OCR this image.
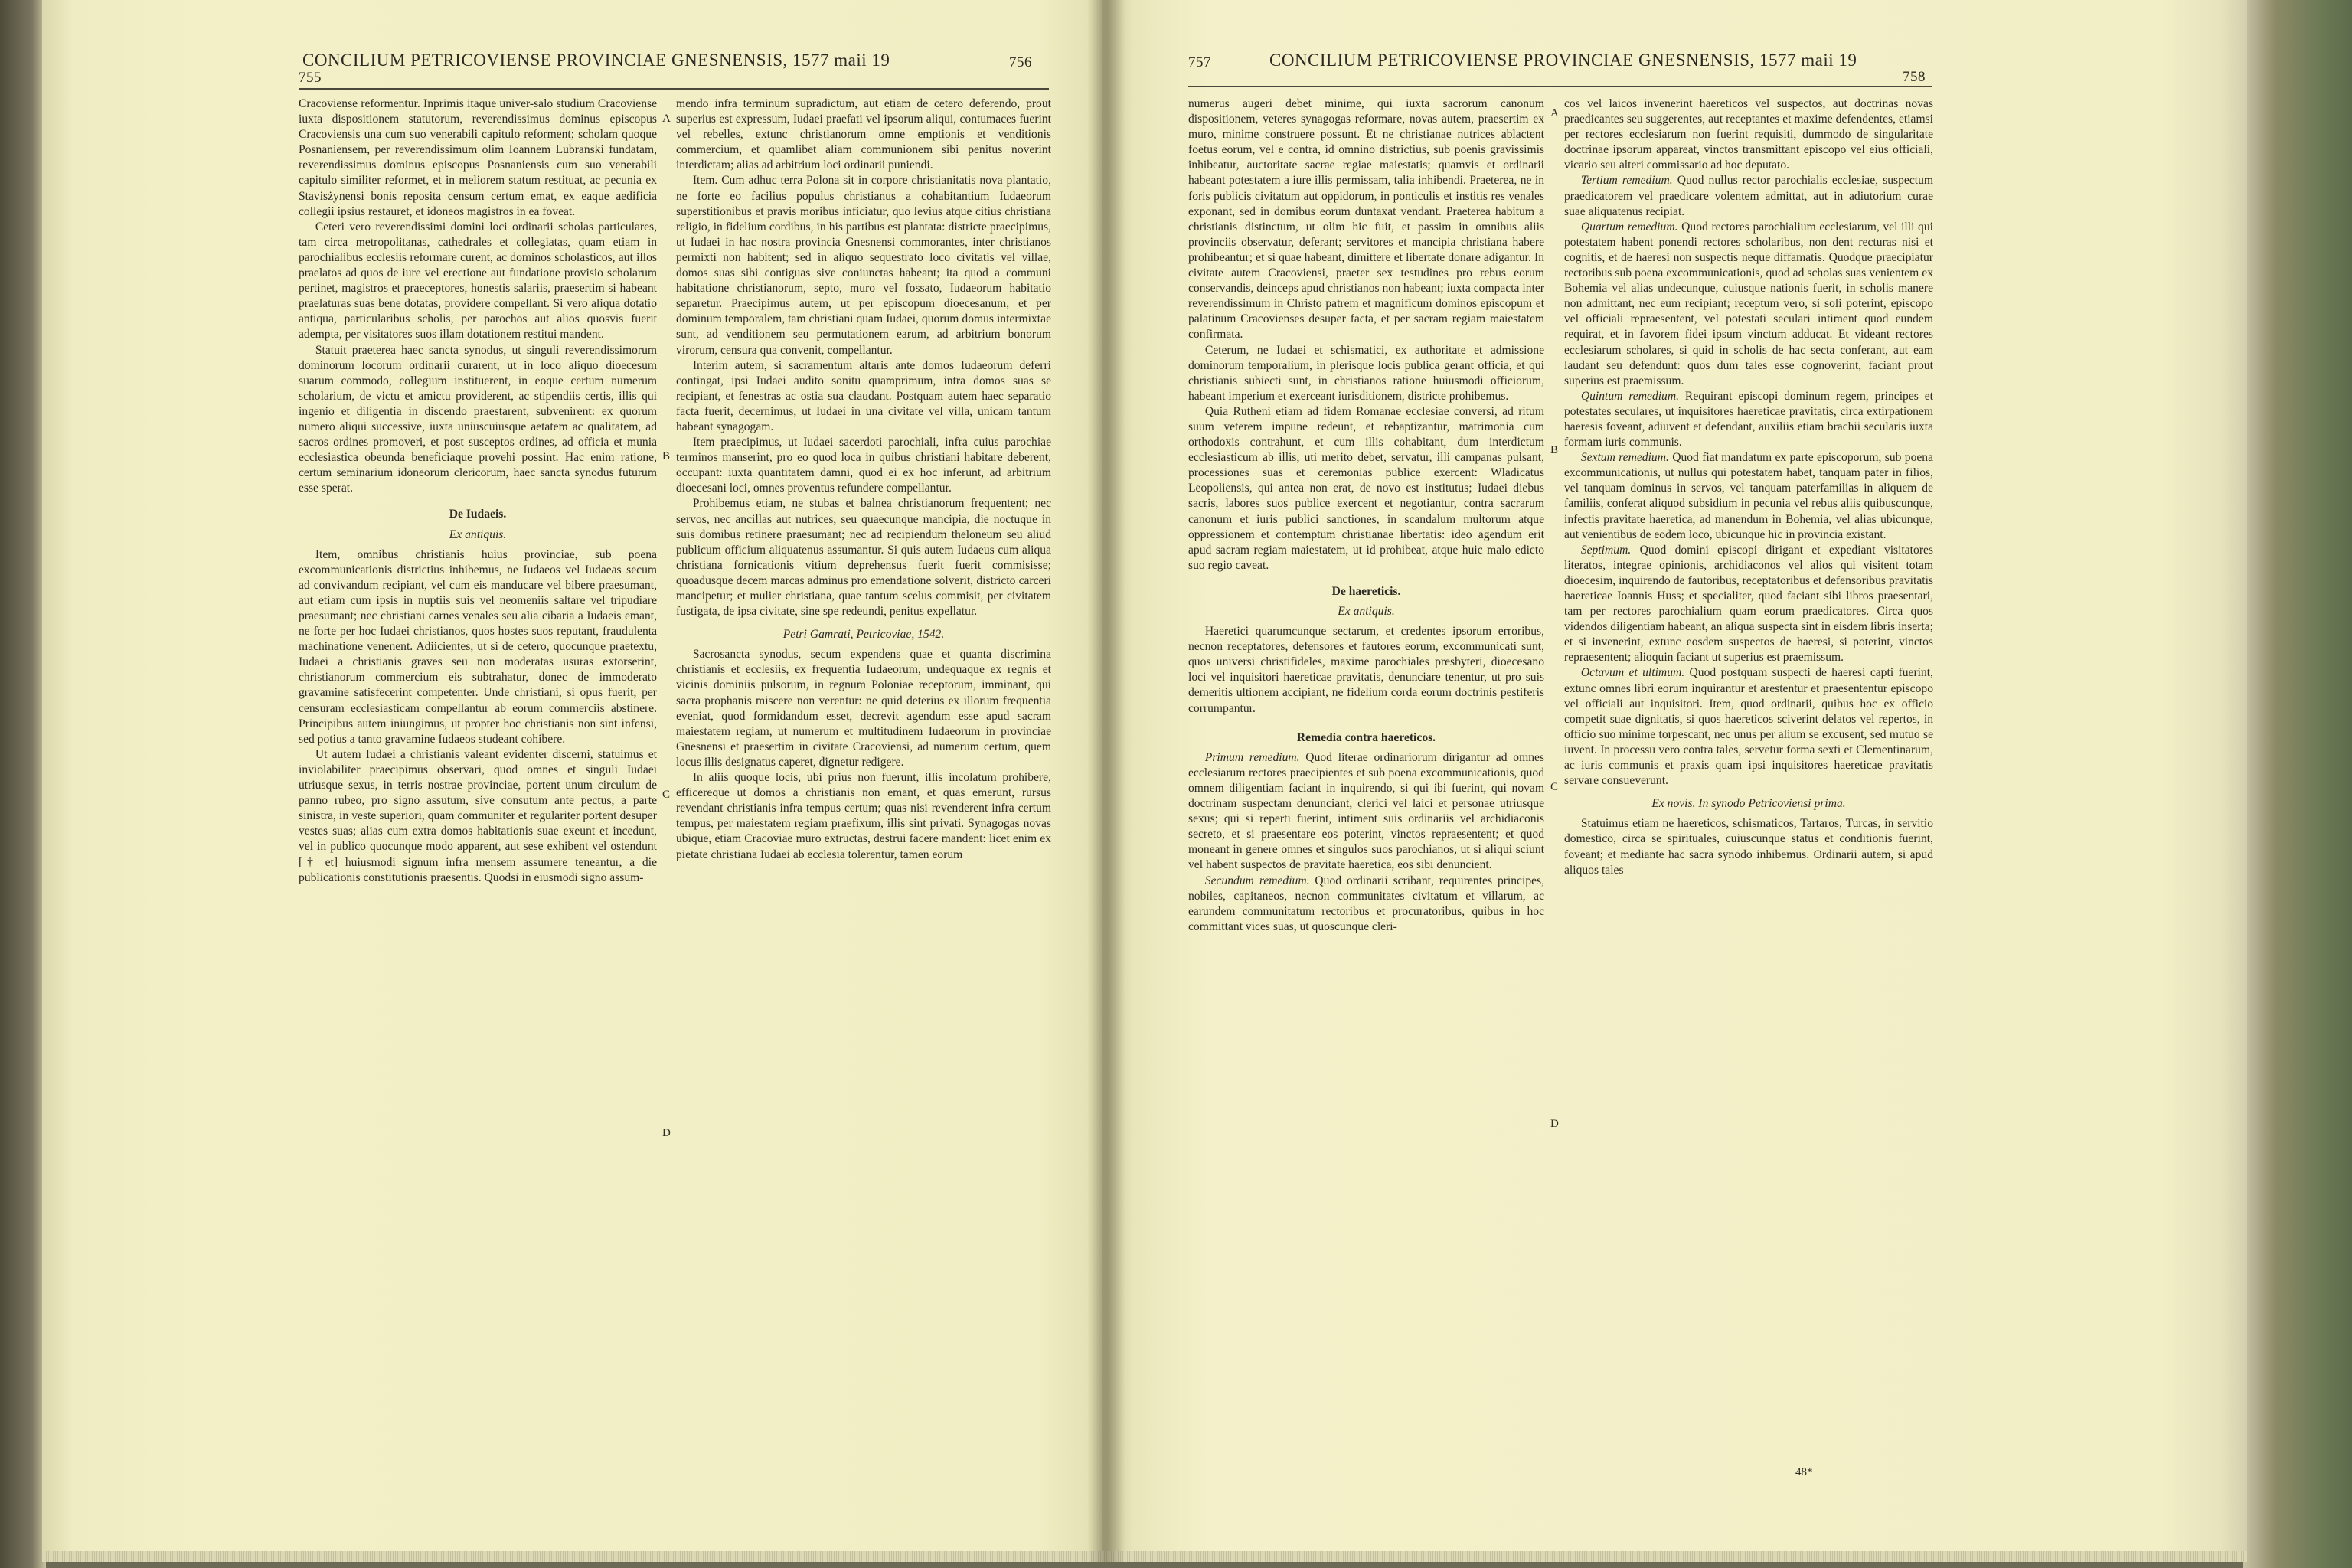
CONCILIUM PETRICOVIENSE PROVINCIAE GNESNENSIS, 1577 maii 19
755
756

Cracoviense reformentur. Inprimis itaque univer-salo studium Cracoviense iuxta dispositionem statutorum, reverendissimus dominus episcopus Cracoviensis una cum suo venerabili capitulo reforment; scholam quoque Posnaniensem, per reverendissimum olim Ioannem Lubranski fundatam, reverendissimus dominus episcopus Posnaniensis cum suo venerabili capitulo similiter reformet, et in meliorem statum restituat, ac pecunia ex Stavisżynensi bonis reposita censum certum emat, ex eaque aedificia collegii ipsius restauret, et idoneos magistros in ea foveat.

Ceteri vero reverendissimi domini loci ordinarii scholas particulares, tam circa metropolitanas, cathedrales et collegiatas, quam etiam in parochialibus ecclesiis reformare curent, ac dominos scholasticos, aut illos praelatos ad quos de iure vel erectione aut fundatione provisio scholarum pertinet, magistros et praeceptores, honestis salariis, praesertim si habeant praelaturas suas bene dotatas, providere compellant. Si vero aliqua dotatio antiqua, particularibus scholis, per parochos aut alios quosvis fuerit adempta, per visitatores suos illam dotationem restitui mandent.

Statuit praeterea haec sancta synodus, ut singuli reverendissimorum dominorum locorum ordinarii curarent, ut in loco aliquo dioecesum suarum commodo, collegium instituerent, in eoque certum numerum scholarium, de victu et amictu providerent, ac stipendiis certis, illis qui ingenio et diligentia in discendo praestarent, subvenirent: ex quorum numero aliqui successive, iuxta uniuscuiusque aetatem ac qualitatem, ad sacros ordines promoveri, et post susceptos ordines, ad officia et munia ecclesiastica obeunda beneficiaque provehi possint. Hac enim ratione, certum seminarium idoneorum clericorum, haec sancta synodus futurum esse sperat.

De Iudaeis.
Ex antiquis.

Item, omnibus christianis huius provinciae, sub poena excommunicationis districtius inhibemus, ne Iudaeos vel Iudaeas secum ad convivandum recipiant, vel cum eis manducare vel bibere praesumant, aut etiam cum ipsis in nuptiis suis vel neomeniis saltare vel tripudiare praesumant; nec christiani carnes venales seu alia cibaria a Iudaeis emant, ne forte per hoc Iudaei christianos, quos hostes suos reputant, fraudulenta machinatione venenent. Adiicientes, ut si de cetero, quocunque praetextu, Iudaei a christianis graves seu non moderatas usuras extorserint, christianorum commercium eis subtrahatur, donec de immoderato gravamine satisfecerint competenter. Unde christiani, si opus fuerit, per censuram ecclesiasticam compellantur ab eorum commerciis abstinere. Principibus autem iniungimus, ut propter hoc christianis non sint infensi, sed potius a tanto gravamine Iudaeos studeant cohibere.

Ut autem Iudaei a christianis valeant evidenter discerni, statuimus et inviolabiliter praecipimus observari, quod omnes et singuli Iudaei utriusque sexus, in terris nostrae provinciae, portent unum circulum de panno rubeo, pro signo assutum, sive consutum ante pectus, a parte sinistra, in veste superiori, quam communiter et regulariter portent desuper vestes suas; alias cum extra domos habitationis suae exeunt et incedunt, vel in publico quocunque modo apparent, aut sese exhibent vel ostendunt [† et] huiusmodi signum infra mensem assumere teneantur, a die publicationis constitutionis praesentis. Quodsi in eiusmodi signo assum-

mendo infra terminum supradictum, aut etiam de cetero deferendo, prout superius est expressum, Iudaei praefati vel ipsorum aliqui, contumaces fuerint vel rebelles, extunc christianorum omne emptionis et venditionis commercium, et quamlibet aliam communionem sibi penitus noverint interdictam; alias ad arbitrium loci ordinarii puniendi.

Item. Cum adhuc terra Polona sit in corpore christianitatis nova plantatio, ne forte eo facilius populus christianus a cohabitantium Iudaeorum superstitionibus et pravis moribus inficiatur, quo levius atque citius christiana religio, in fidelium cordibus, in his partibus est plantata: districte praecipimus, ut Iudaei in hac nostra provincia Gnesnensi commorantes, inter christianos permixti non habitent; sed in aliquo sequestrato loco civitatis vel villae, domos suas sibi contiguas sive coniunctas habeant; ita quod a communi habitatione christianorum, septo, muro vel fossato, Iudaeorum habitatio separetur. Praecipimus autem, ut per episcopum dioecesanum, et per dominum temporalem, tam christiani quam Iudaei, quorum domus intermixtae sunt, ad venditionem seu permutationem earum, ad arbitrium bonorum virorum, censura qua convenit, compellantur.

Interim autem, si sacramentum altaris ante domos Iudaeorum deferri contingat, ipsi Iudaei audito sonitu quamprimum, intra domos suas se recipiant, et fenestras ac ostia sua claudant. Postquam autem haec separatio facta fuerit, decernimus, ut Iudaei in una civitate vel villa, unicam tantum habeant synagogam.

Item praecipimus, ut Iudaei sacerdoti parochiali, infra cuius parochiae terminos manserint, pro eo quod loca in quibus christiani habitare deberent, occupant: iuxta quantitatem damni, quod ei ex hoc inferunt, ad arbitrium dioecesani loci, omnes proventus refundere compellantur.

Prohibemus etiam, ne stubas et balnea christianorum frequentent; nec servos, nec ancillas aut nutrices, seu quaecunque mancipia, die noctuque in suis domibus retinere praesumant; nec ad recipiendum theloneum seu aliud publicum officium aliquatenus assumantur. Si quis autem Iudaeus cum aliqua christiana fornicationis vitium deprehensus fuerit fuerit commisisse; quoadusque decem marcas adminus pro emendatione solverit, districto carceri mancipetur; et mulier christiana, quae tantum scelus commisit, per civitatem fustigata, de ipsa civitate, sine spe redeundi, penitus expellatur.

Petri Gamrati, Petricoviae, 1542.

Sacrosancta synodus, secum expendens quae et quanta discrimina christianis et ecclesiis, ex frequentia Iudaeorum, undequaque ex regnis et vicinis dominiis pulsorum, in regnum Poloniae receptorum, imminant, qui sacra prophanis miscere non verentur: ne quid deterius ex illorum frequentia eveniat, quod formidandum esset, decrevit agendum esse apud sacram maiestatem regiam, ut numerum et multitudinem Iudaeorum in provinciae Gnesnensi et praesertim in civitate Cracoviensi, ad numerum certum, quem locus illis designatus caperet, dignetur redigere.

In aliis quoque locis, ubi prius non fuerunt, illis incolatum prohibere, efficereque ut domos a christianis non emant, et quas emerunt, rursus revendant christianis infra tempus certum; quas nisi revenderent infra certum tempus, per maiestatem regiam praefixum, illis sint privati. Synagogas novas ubique, etiam Cracoviae muro extructas, destrui facere mandent: licet enim ex pietate christiana Iudaei ab ecclesia tolerentur, tamen eorum

A
B
C
D
757	CONCILIUM PETRICOVIENSE PROVINCIAE GNESNENSIS, 1577 maii 19
758

numerus augeri debet minime, qui iuxta sacrorum canonum dispositionem, veteres synagogas reformare, novas autem, praesertim ex muro, minime construere possunt. Et ne christianae nutrices ablactent foetus eorum, vel e contra, id omnino districtius, sub poenis gravissimis inhibeatur, auctoritate sacrae regiae maiestatis; quamvis et ordinarii habeant potestatem a iure illis permissam, talia inhibendi. Praeterea, ne in foris publicis civitatum aut oppidorum, in ponticulis et institis res venales exponant, sed in domibus eorum duntaxat vendant. Praeterea habitum a christianis distinctum, ut olim hic fuit, et passim in omnibus aliis provinciis observatur, deferant; servitores et mancipia christiana habere prohibeantur; et si quae habeant, dimittere et libertate donare adigantur. In civitate autem Cracoviensi, praeter sex testudines pro rebus eorum conservandis, deinceps apud christianos non habeant; iuxta compacta inter reverendissimum in Christo patrem et magnificum dominos episcopum et palatinum Cracovienses desuper facta, et per sacram regiam maiestatem confirmata.

Ceterum, ne Iudaei et schismatici, ex authoritate et admissione dominorum temporalium, in plerisque locis publica gerant officia, et qui christianis subiecti sunt, in christianos ratione huiusmodi officiorum, habeant imperium et exerceant iurisditionem, districte prohibemus.

Quia Rutheni etiam ad fidem Romanae ecclesiae conversi, ad ritum suum veterem impune redeunt, et rebaptizantur, matrimonia cum orthodoxis contrahunt, et cum illis cohabitant, dum interdictum ecclesiasticum ab illis, uti merito debet, servatur, illi campanas pulsant, processiones suas et ceremonias publice exercent: Wladicatus Leopoliensis, qui antea non erat, de novo est institutus; Iudaei diebus sacris, labores suos publice exercent et negotiantur, contra sacrarum canonum et iuris publici sanctiones, in scandalum multorum atque oppressionem et contemptum christianae libertatis: ideo agendum erit apud sacram regiam maiestatem, ut id prohibeat, atque huic malo edicto suo regio caveat.

De haereticis.
Ex antiquis.

Haeretici quarumcunque sectarum, et credentes ipsorum erroribus, necnon receptatores, defensores et fautores eorum, excommunicati sunt, quos universi christifideles, maxime parochiales presbyteri, dioecesano loci vel inquisitori haereticae pravitatis, denunciare tenentur, ut pro suis demeritis ultionem accipiant, ne fidelium corda eorum doctrinis pestiferis corrumpantur.

Remedia contra haereticos.

Primum remedium. Quod literae ordinariorum dirigantur ad omnes ecclesiarum rectores praecipientes et sub poena excommunicationis, quod omnem diligentiam faciant in inquirendo, si qui ibi fuerint, qui novam doctrinam suspectam denunciant, clerici vel laici et personae utriusque sexus; qui si reperti fuerint, intiment suis ordinariis vel archidiaconis secreto, et si praesentare eos poterint, vinctos repraesentent; et quod moneant in genere omnes et singulos suos parochianos, ut si aliqui sciunt vel habent suspectos de pravitate haeretica, eos sibi denuncient.

Secundum remedium. Quod ordinarii scribant, requirentes principes, nobiles, capitaneos, necnon communitates civitatum et villarum, ac earundem communitatum rectoribus et procuratoribus, quibus in hoc committant vices suas, ut quoscunque cleri-

cos vel laicos invenerint haereticos vel suspectos, aut doctrinas novas praedicantes seu suggerentes, aut receptantes et maxime defendentes, etiamsi per rectores ecclesiarum non fuerint requisiti, dummodo de singularitate doctrinae ipsorum appareat, vinctos transmittant episcopo vel eius officiali, vicario seu alteri commissario ad hoc deputato.

Tertium remedium. Quod nullus rector parochialis ecclesiae, suspectum praedicatorem vel praedicare volentem admittat, aut in adiutorium curae suae aliquatenus recipiat.

Quartum remedium. Quod rectores parochialium ecclesiarum, vel illi qui potestatem habent ponendi rectores scholaribus, non dent recturas nisi et cognitis, et de haeresi non suspectis neque diffamatis. Quodque praecipiatur rectoribus sub poena excommunicationis, quod ad scholas suas venientem ex Bohemia vel alias undecunque, cuiusque nationis fuerit, in scholis manere non admittant, nec eum recipiant; receptum vero, si soli poterint, episcopo vel officiali repraesentent, vel potestati seculari intiment quod eundem requirat, et in favorem fidei ipsum vinctum adducat. Et videant rectores ecclesiarum scholares, si quid in scholis de hac secta conferant, aut eam laudant seu defendunt: quos dum tales esse cognoverint, faciant prout superius est praemissum.

Quintum remedium. Requirant episcopi dominum regem, principes et potestates seculares, ut inquisitores haereticae pravitatis, circa extirpationem haeresis foveant, adiuvent et defendant, auxiliis etiam brachii secularis iuxta formam iuris communis.

Sextum remedium. Quod fiat mandatum ex parte episcoporum, sub poena excommunicationis, ut nullus qui potestatem habet, tanquam pater in filios, vel tanquam dominus in servos, vel tanquam paterfamilias in aliquem de familiis, conferat aliquod subsidium in pecunia vel rebus aliis quibuscunque, infectis pravitate haeretica, ad manendum in Bohemia, vel alias ubicunque, aut venientibus de eodem loco, ubicunque hic in provincia existant.

Septimum. Quod domini episcopi dirigant et expediant visitatores literatos, integrae opinionis, archidiaconos vel alios qui visitent totam dioecesim, inquirendo de fautoribus, receptatoribus et defensoribus pravitatis haereticae Ioannis Huss; et specialiter, quod faciant sibi libros praesentari, tam per rectores parochialium quam eorum praedicatores. Circa quos videndos diligentiam habeant, an aliqua suspecta sint in eisdem libris inserta; et si invenerint, extunc eosdem suspectos de haeresi, si poterint, vinctos repraesentent; alioquin faciant ut superius est praemissum.

Octavum et ultimum. Quod postquam suspecti de haeresi capti fuerint, extunc omnes libri eorum inquirantur et arestentur et praesententur episcopo vel officiali aut inquisitori. Item, quod ordinarii, quibus hoc ex officio competit suae dignitatis, si quos haereticos sciverint delatos vel repertos, in officio suo minime torpescant, nec unus per alium se excusent, sed mutuo se iuvent. In processu vero contra tales, servetur forma sexti et Clementinarum, ac iuris communis et praxis quam ipsi inquisitores haereticae pravitatis servare consueverunt.

Ex novis. In synodo Petricoviensi prima.

Statuimus etiam ne haereticos, schismaticos, Tartaros, Turcas, in servitio domestico, circa se spirituales, cuiuscunque status et conditionis fuerint, foveant; et mediante hac sacra synodo inhibemus. Ordinarii autem, si apud aliquos tales

A
B
C
D
48*
